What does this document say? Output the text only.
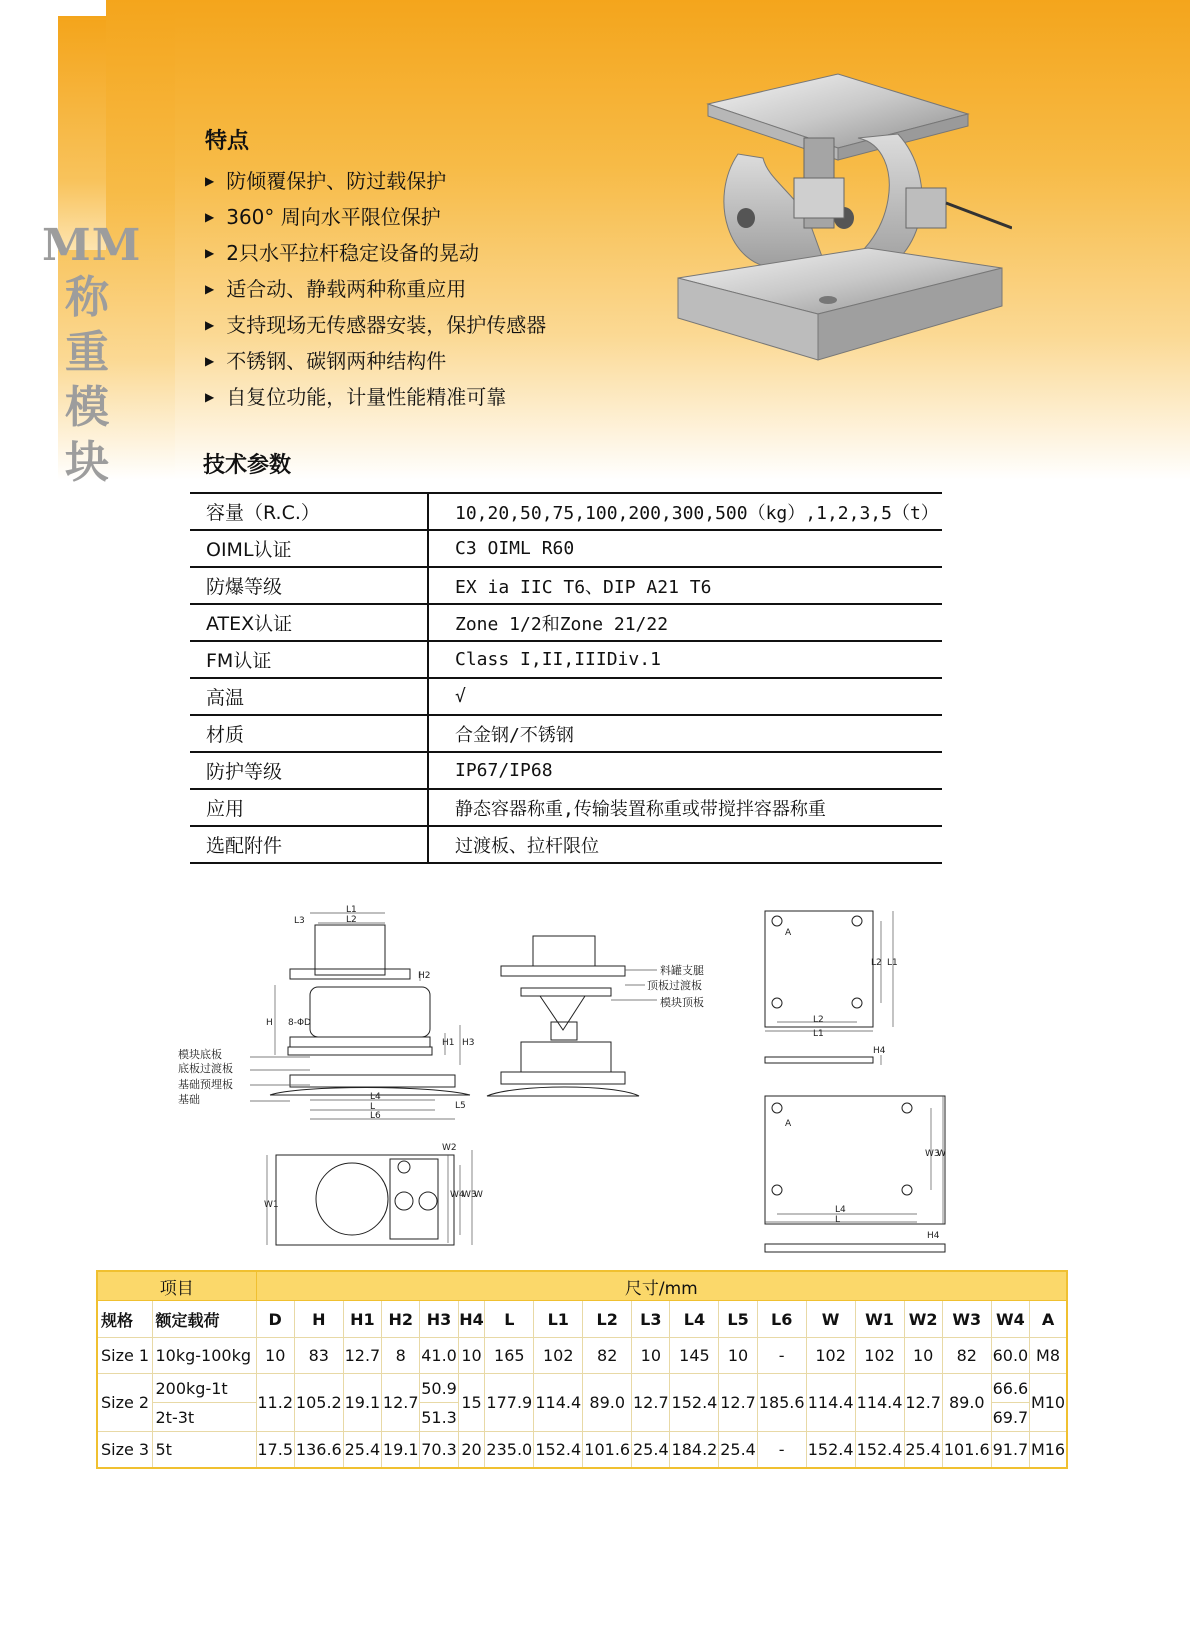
MM
称
重
模
块
特点
▶ 防倾覆保护、防过载保护
▶ 360° 周向水平限位保护
▶ 2只水平拉杆稳定设备的晃动
▶ 适合动、静载两种称重应用
▶ 支持现场无传感器安装，保护传感器
▶ 不锈钢、碳钢两种结构件
▶ 自复位功能，计量性能精准可靠
技术参数
容量（R.C.）	10,20,50,75,100,200,300,500（kg）,1,2,3,5（t）
OIML认证	C3 OIML R60
防爆等级	EX ia IIC T6、DIP A21 T6
ATEX认证	Zone 1/2和Zone 21/22
FM认证	Class I,II,IIIDiv.1
高温	√
材质	合金钢/不锈钢
防护等级	IP67/IP68
应用	静态容器称重,传输装置称重或带搅拌容器称重
选配附件	过渡板、拉杆限位
L1
L2
L3
H2
H 8-ΦD
H1 H3
L4
L	L5
L6
模块底板
底板过渡板
基础预埋板
基础
料罐支腿
顶板过渡板
模块顶板
W1
W2
W4
W3
W
A
L2
L1
L2 L1
H4
A
L4
L
W3
W
H4
项目		尺寸/mm																		
规格	额定载荷	D	H	H1	H2	H3	H4	L	L1	L2	L3	L4	L5	L6	W	W1	W2	W3	W4	A
Size 1	10kg-100kg	10	83	12.7	8	41.0	10	165	102	82	10	145	10	-	102	102	10	82	60.0	M8
Size 2	200kg-1t	11.2	105.2	19.1	12.7	50.9	15	177.9	114.4	89.0	12.7	152.4	12.7	185.6	114.4	114.4	12.7	89.0	66.6	M10
	2t-3t					51.3													69.7	
Size 3	5t	17.5	136.6	25.4	19.1	70.3	20	235.0	152.4	101.6	25.4	184.2	25.4	-	152.4	152.4	25.4	101.6	91.7	M16
